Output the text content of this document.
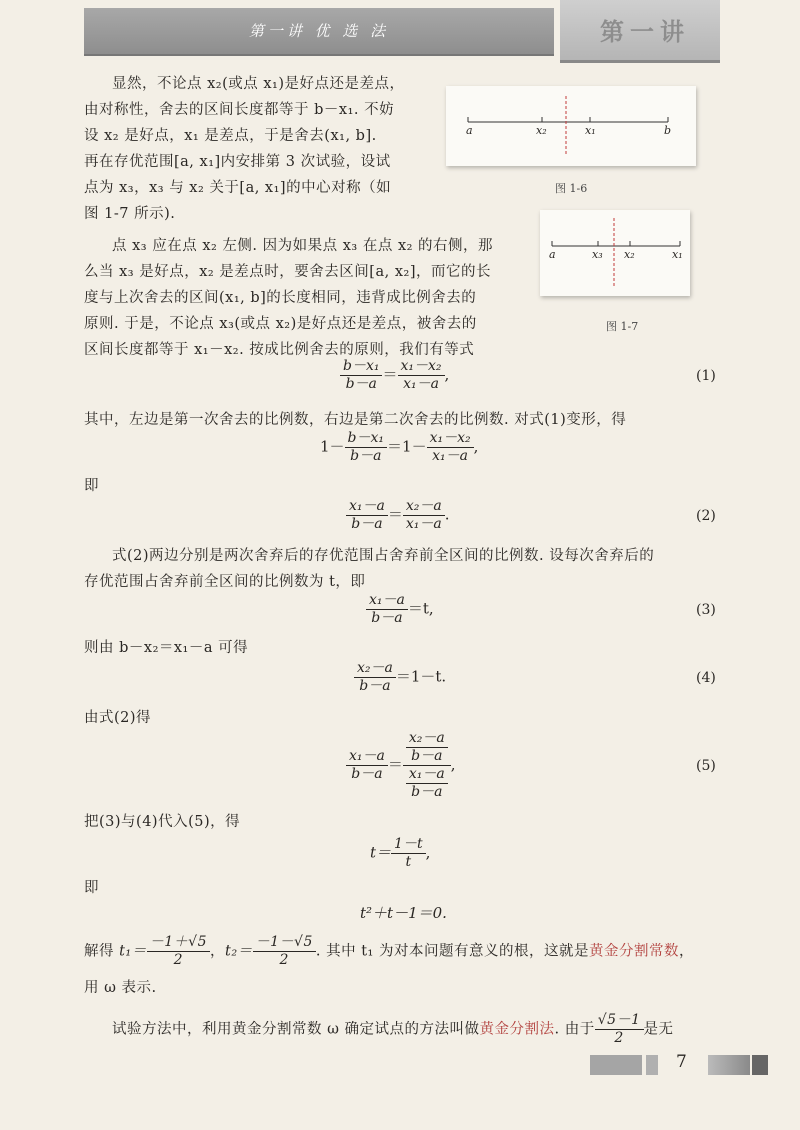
第一讲 优 选 法	第一讲
a	x₂	x₁	b
图 1-6
a	x₃ x₂	x₁
图 1-7
显然，不论点 x₂(或点 x₁)是好点还是差点，
由对称性，舍去的区间长度都等于 b－x₁. 不妨
设 x₂ 是好点，x₁ 是差点，于是舍去(x₁, b].
再在存优范围[a, x₁]内安排第 3 次试验，设试
点为 x₃，x₃ 与 x₂ 关于[a, x₁]的中心对称（如
图 1-7 所示).
点 x₃ 应在点 x₂ 左侧. 因为如果点 x₃ 在点 x₂ 的右侧，那
么当 x₃ 是好点，x₂ 是差点时，要舍去区间[a, x₂]，而它的长
度与上次舍去的区间(x₁, b]的长度相同，违背成比例舍去的
原则. 于是，不论点 x₃(或点 x₂)是好点还是差点，被舍去的
区间长度都等于 x₁－x₂. 按成比例舍去的原则，我们有等式
$\frac{\text{b－x₁}}{b-a} = \frac{\text{x₁－x₂}}{\text{x₁－a}}$ ,	(1)
其中，左边是第一次舍去的比例数，右边是第二次舍去的比例数. 对式(1)变形，得
$1- \frac{\text{b－x₁}}{b-a} =1- \frac{\text{x₁－x₂}}{\text{x₁－a}}$ ,
即
$\frac{\text{x₁－a}}{b-a} = \frac{\text{x₂－a}}{\text{x₁－a}}$ .	(2)
式(2)两边分别是两次舍弃后的存优范围占舍弃前全区间的比例数. 设每次舍弃后的
存优范围占舍弃前全区间的比例数为 t，即
$\frac{\text{x₁－a}}{b-a} =t$,	(3)
则由 b－x₂＝x₁－a 可得
$\frac{\text{x₂－a}}{b-a} =1-t$.	(4)
由式(2)得
$\frac{\text{x₁－a}}{b-a} = \frac{\frac{\text{x₂－a}}{b-a}}{\frac{\text{x₁－a}}{b-a}}$ ,	(5)
把(3)与(4)代入(5)，得
$t= \frac{1-t}{t}$ ,
即
t²＋t－1＝0.
解得 $t_1= \frac{-1+√5}{2}$ ，$t_2= \frac{-1-√5}{2}$ . 其中 t₁ 为对本问题有意义的根，这就是黄金分割常数，
用 ω 表示.
试验方法中，利用黄金分割常数 ω 确定试点的方法叫做黄金分割法. 由于 $\frac{√5-1}{2}$ 是无
7
